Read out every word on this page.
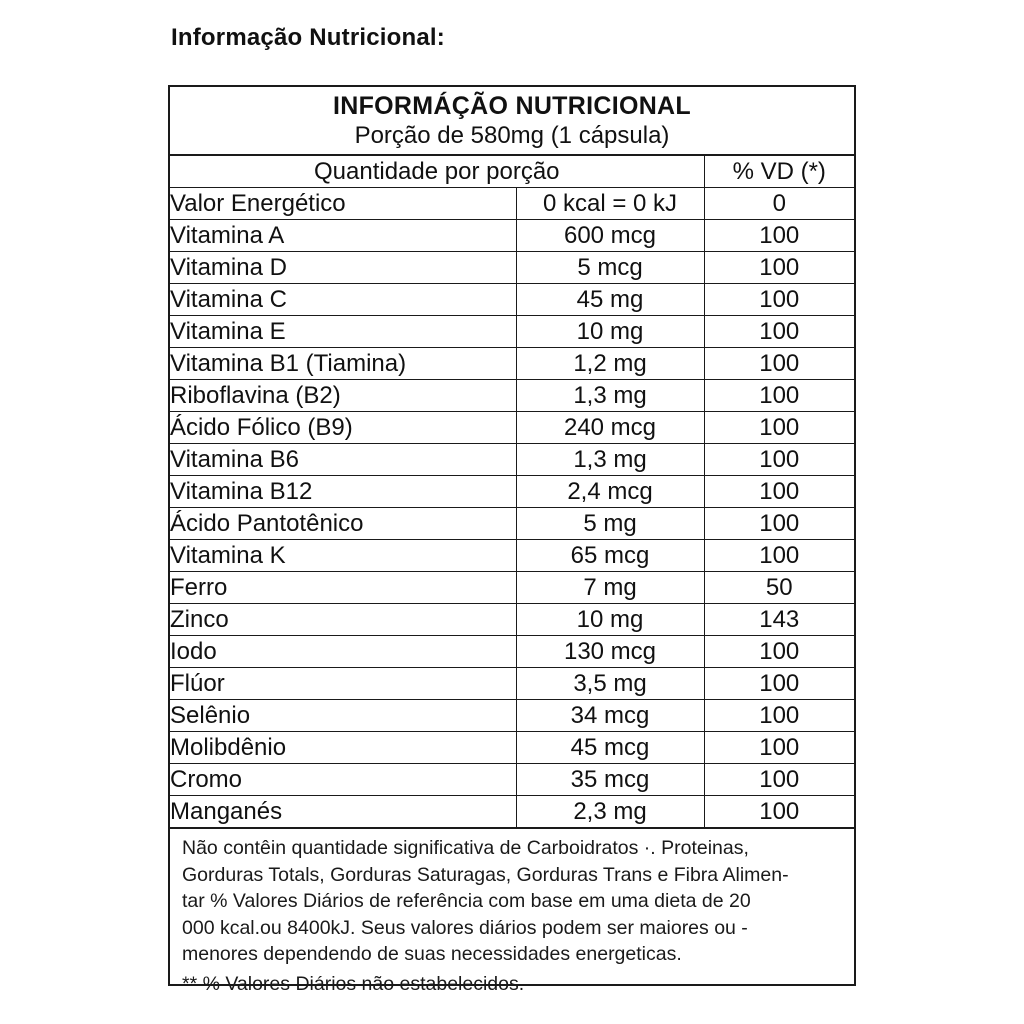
Informação Nutricional:
INFORMÁÇÃO NUTRICIONAL
Porção de 580mg (1 cápsula)
Quantidade por porção		% VD (*)
Valor Energético	0 kcal = 0 kJ	0
Vitamina A	600 mcg	100
Vitamina D	5 mcg	100
Vitamina C	45 mg	100
Vitamina E	10 mg	100
Vitamina B1 (Tiamina)	1,2 mg	100
Riboflavina (B2)	1,3 mg	100
Ácido Fólico (B9)	240 mcg	100
Vitamina B6	1,3 mg	100
Vitamina B12	2,4 mcg	100
Ácido Pantotênico	5 mg	100
Vitamina K	65 mcg	100
Ferro	7 mg	50
Zinco	10 mg	143
Iodo	130 mcg	100
Flúor	3,5 mg	100
Selênio	34 mcg	100
Molibdênio	45 mcg	100
Cromo	35 mcg	100
Manganés	2,3 mg	100

Não contêin quantidade significativa de Carboidratos ·. Proteinas,

Gorduras Totals, Gorduras Saturagas, Gorduras Trans e Fibra Alimen-

tar % Valores Diários de referência com base em uma dieta de 20

000 kcal.ou 8400kJ. Seus valores diários podem ser maiores ou -

menores dependendo de suas necessidades energeticas.

** % Valores Diários não estabelecidos.
